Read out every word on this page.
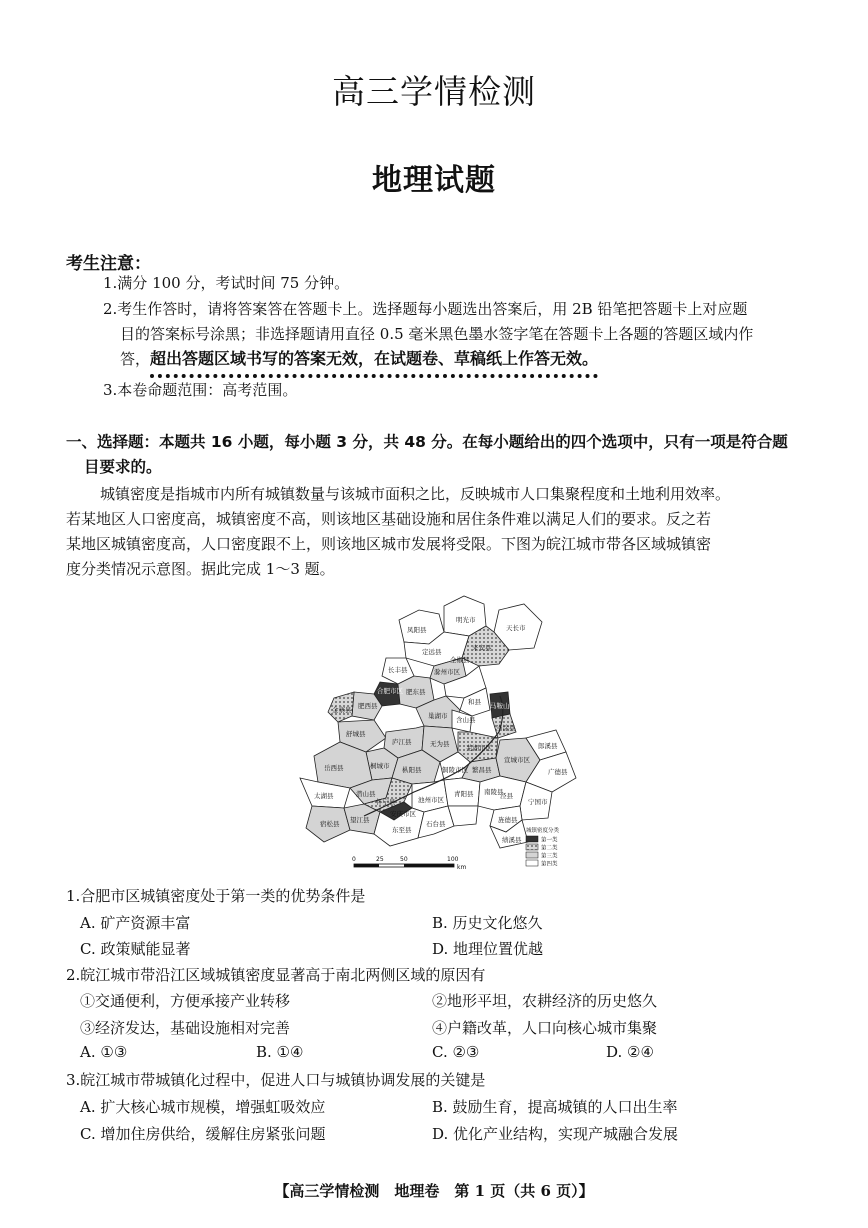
高三学情检测
地理试题
考生注意：
1.满分 100 分，考试时间 75 分钟。
2.考生作答时，请将答案答在答题卡上。选择题每小题选出答案后，用 2B 铅笔把答题卡上对应题
目的答案标号涂黑；非选择题请用直径 0.5 毫米黑色墨水签字笔在答题卡上各题的答题区域内作
答，超出答题区域书写的答案无效，在试题卷、草稿纸上作答无效。
3.本卷命题范围：高考范围。
一、选择题：本题共 16 小题，每小题 3 分，共 48 分。在每小题给出的四个选项中，只有一项是符合题
目要求的。
城镇密度是指城市内所有城镇数量与该城市面积之比，反映城市人口集聚程度和土地利用效率。
若某地区人口密度高，城镇密度不高，则该地区基础设施和居住条件难以满足人们的要求。反之若
某地区城镇密度高，人口密度跟不上，则该地区城市发展将受限。下图为皖江城市带各区域城镇密
度分类情况示意图。据此完成 1～3 题。
凤阳县
明光市
天长市
定远县	来安县
长丰县
全椒县
滁州市区
合肥市区 肥东县
肥西县	和县 马鞍山市区
舒城县
巢湖市 含山县
庐江县	无为县	芜湖市区
当涂县
桐城市
岳西县	枞阳县	铜陵市区 繁昌县
南陵县
宣城市区
郎溪县
广德县
潜山县
太湖县
怀宁县
安庆市区
池州市区
青阳县	泾县
宁国市
宿松县 望江县
东至县
石台县	旌德县
绩溪县
金寨县
0	25	50	100
km
城镇密度分类
第一类
第二类
第三类
第四类
1.合肥市区城镇密度处于第一类的优势条件是
A. 矿产资源丰富	B. 历史文化悠久
C. 政策赋能显著	D. 地理位置优越
2.皖江城市带沿江区域城镇密度显著高于南北两侧区域的原因有
①交通便利，方便承接产业转移	②地形平坦，农耕经济的历史悠久
③经济发达，基础设施相对完善	④户籍改革，人口向核心城市集聚
A. ①③	B. ①④	C. ②③	D. ②④
3.皖江城市带城镇化过程中，促进人口与城镇协调发展的关键是
A. 扩大核心城市规模，增强虹吸效应	B. 鼓励生育，提高城镇的人口出生率
C. 增加住房供给，缓解住房紧张问题	D. 优化产业结构，实现产城融合发展
【高三学情检测　地理卷　第 1 页（共 6 页）】
